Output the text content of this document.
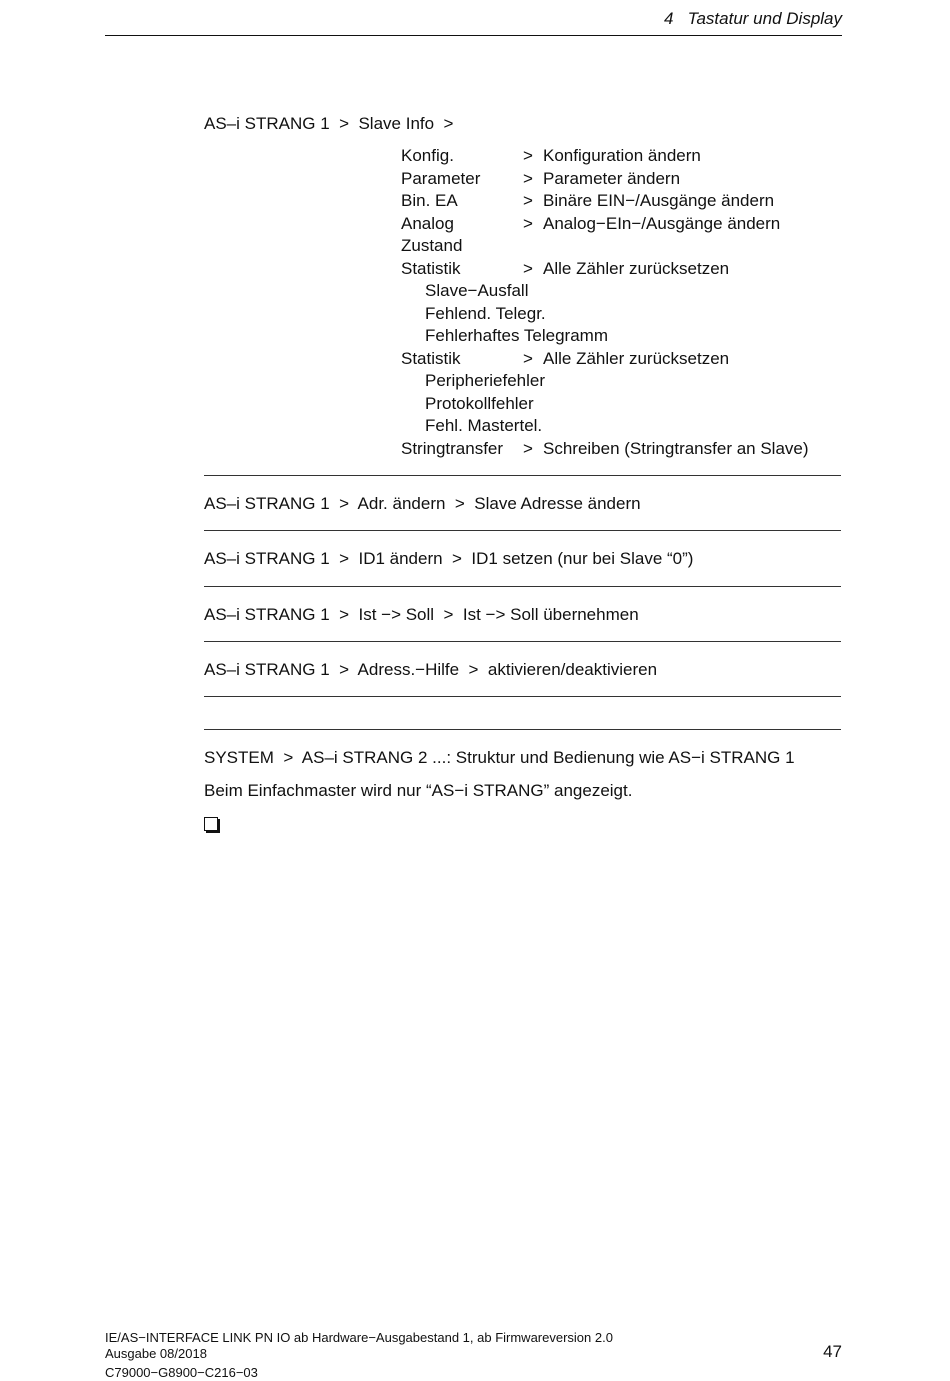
4   Tastatur und Display
AS–i STRANG 1  >  Slave Info  >
Konfig.	> Konfiguration ändern
Parameter	> Parameter ändern
Bin. EA	> Binäre EIN−/Ausgänge ändern
Analog	> Analog−EIn−/Ausgänge ändern
Zustand
Statistik	> Alle Zähler zurücksetzen
Slave−Ausfall
Fehlend. Telegr.
Fehlerhaftes Telegramm
Statistik	> Alle Zähler zurücksetzen
Peripheriefehler
Protokollfehler
Fehl. Mastertel.
Stringtransfer > Schreiben (Stringtransfer an Slave)
AS–i STRANG 1  >  Adr. ändern  >  Slave Adresse ändern
AS–i STRANG 1  >  ID1 ändern  >  ID1 setzen (nur bei Slave “0”)
AS–i STRANG 1  >  Ist −> Soll  >  Ist −> Soll übernehmen
AS–i STRANG 1  >  Adress.−Hilfe  >  aktivieren/deaktivieren
SYSTEM  >  AS–i STRANG 2 ...: Struktur und Bedienung wie AS−i STRANG 1
Beim Einfachmaster wird nur “AS−i STRANG” angezeigt.
IE/AS−INTERFACE LINK PN IO ab Hardware−Ausgabestand 1, ab Firmwareversion 2.0
Ausgabe 08/2018
C79000−G8900−C216−03
47
